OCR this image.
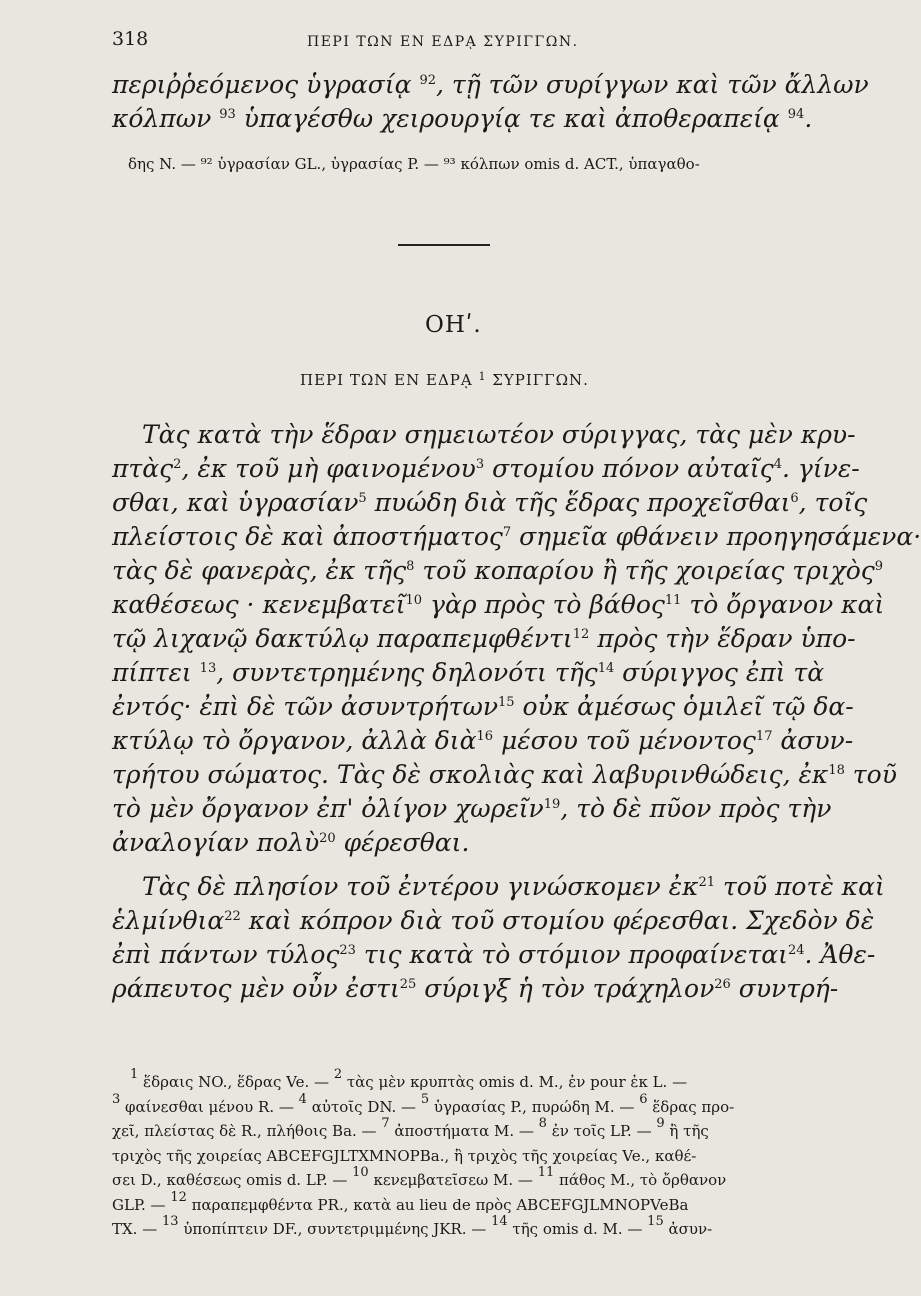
318	ΠΕΡΙ ΤΩΝ ΕΝ ΕΔΡᾼ ΣΥΡΙΓΓΩΝ.
περιῤῥεόμενος ὑγρασίᾳ $^{92}$, τῇ τῶν συρίγγων καὶ τῶν ἄλλων
κόλπων $^{93}$ ὑπαγέσθω χειρουργίᾳ τε καὶ ἀποθεραπείᾳ $^{94}$.
δης N. — ⁹² ὑγρασίαν GL., ὑγρασίας P. — ⁹³ κόλπων omis d. ACT., ὑπαγαθο-
ΟΗʹ.
ΠΕΡΙ ΤΩΝ ΕΝ ΕΔΡᾼ $^1$ ΣΥΡΙΓΓΩΝ.
Τὰς κατὰ τὴν ἕδραν σημειωτέον σύριγγας, τὰς μὲν κρυ-
πτὰς$^2$, ἐκ τοῦ μὴ φαινομένου$^3$ στομίου πόνον αὐταῖς$^4$. γίνε-
σθαι, καὶ ὑγρασίαν$^5$ πυώδη διὰ τῆς ἕδρας προχεῖσθαι$^6$, τοῖς
πλείστοις δὲ καὶ ἀποστήματος$^7$ σημεῖα φθάνειν προηγησάμενα·
τὰς δὲ φανερὰς, ἐκ τῆς$^8$ τοῦ κοπαρίου ἢ τῆς χοιρείας τριχὸς$^9$
καθέσεως · κενεμβατεῖ$^{10}$ γὰρ πρὸς τὸ βάθος$^{11}$ τὸ ὄργανον καὶ
τῷ λιχανῷ δακτύλῳ παραπεμφθέντι$^{12}$ πρὸς τὴν ἕδραν ὑπο-
πίπτει $^{13}$, συντετρημένης δηλονότι τῆς$^{14}$ σύριγγος ἐπὶ τὰ
ἐντός· ἐπὶ δὲ τῶν ἀσυντρήτων$^{15}$ οὐκ ἀμέσως ὁμιλεῖ τῷ δα-
κτύλῳ τὸ ὄργανον, ἀλλὰ διὰ$^{16}$ μέσου τοῦ μένοντος$^{17}$ ἀσυν-
τρήτου σώματος. Τὰς δὲ σκολιὰς καὶ λαβυρινθώδεις, ἐκ$^{18}$ τοῦ
τὸ μὲν ὄργανον ἐπ' ὀλίγον χωρεῖν$^{19}$, τὸ δὲ πῦον πρὸς τὴν
ἀναλογίαν πολὺ$^{20}$ φέρεσθαι.
Τὰς δὲ πλησίον τοῦ ἐντέρου γινώσκομεν ἐκ$^{21}$ τοῦ ποτὲ καὶ
ἑλμίνθια$^{22}$ καὶ κόπρον διὰ τοῦ στομίου φέρεσθαι. Σχεδὸν δὲ
ἐπὶ πάντων τύλος$^{23}$ τις κατὰ τὸ στόμιον προφαίνεται$^{24}$. Ἀθε-
ράπευτος μὲν οὖν ἐστι$^{25}$ σύριγξ ἡ τὸν τράχηλον$^{26}$ συντρή-
$^1$ ἕδραις NO., ἕδρας Ve. — $^2$ τὰς μὲν κρυπτὰς omis d. M., ἐν pour ἐκ L. —
$^3$ φαίνεσθαι μένου R. — $^4$ αὐτοῖς DN. — $^5$ ὑγρασίας P., πυρώδη M. — $^6$ ἕδρας προ-
χεῖ, πλείστας δὲ R., πλήθοις Ba. — $^7$ ἀποστήματα M. — $^8$ ἐν τοῖς LP. — $^9$ ἢ τῆς
τριχὸς τῆς χοιρείας ABCEFGJLTXMNOPBa., ἢ τριχὸς τῆς χοιρείας Ve., καθέ-
σει D., καθέσεως omis d. LP. — $^{10}$ κενεμβατεῖσεω M. — $^{11}$ πάθος M., τὸ ὄρθανον
GLP. — $^{12}$ παραπεμφθέντα PR., κατὰ au lieu de πρὸς ABCEFGJLMNOPVeBa
TX. — $^{13}$ ὑποπίπτειν DF., συντετριμμένης JKR. — $^{14}$ τῆς omis d. M. — $^{15}$ ἀσυν-
